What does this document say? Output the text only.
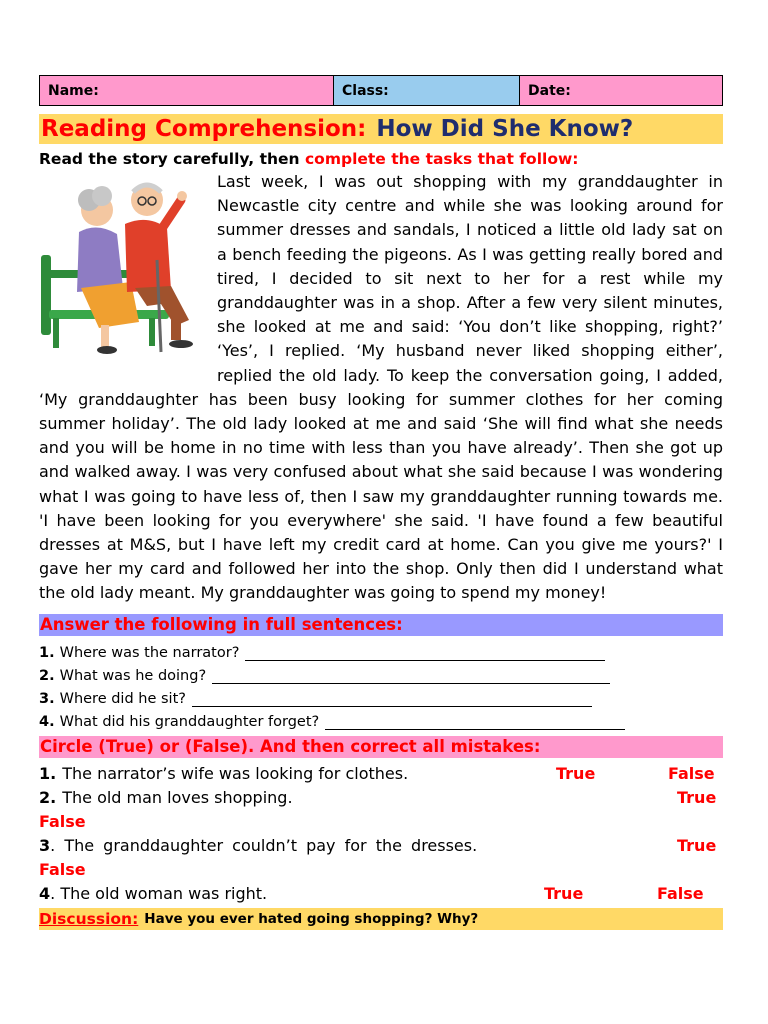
Name:	Class:	Date:
Reading Comprehension: How Did She Know?
Read the story carefully, then complete the tasks that follow:

Last week, I was out shopping with my granddaughter in Newcastle city centre and while she was looking around for summer dresses and sandals, I noticed a little old lady sat on a bench feeding the pigeons. As I was getting really bored and tired, I decided to sit next to her for a rest while my granddaughter was in a shop. After a few very silent minutes, she looked at me and said: ‘You don’t like shopping, right?’ ‘Yes’, I replied. ‘My husband never liked shopping either’, replied the old lady. To keep the conversation going, I added, ‘My granddaughter has been busy looking for summer clothes for her coming summer holiday’. The old lady looked at me and said ‘She will find what she needs and you will be home in no time with less than you have already’. Then she got up and walked away. I was very confused about what she said because I was wondering what I was going to have less of, then I saw my granddaughter running towards me. 'I have been looking for you everywhere' she said. 'I have found a few beautiful dresses at M&S, but I have left my credit card at home. Can you give me yours?' I gave her my card and followed her into the shop. Only then did I understand what the old lady meant. My granddaughter was going to spend my money!

Answer the following in full sentences:
1. Where was the narrator?
2. What was he doing?
3. Where did he sit?
4. What did his granddaughter forget?
Circle (True) or (False). And then correct all mistakes:
1. The narrator’s wife was looking for clothes.	True	False
2. The old man loves shopping.	True
False
3 . The granddaughter couldn’t pay for the dresses.	True
False
4 . The old woman was right.	True	False
Discussion: Have you ever hated going shopping? Why?
